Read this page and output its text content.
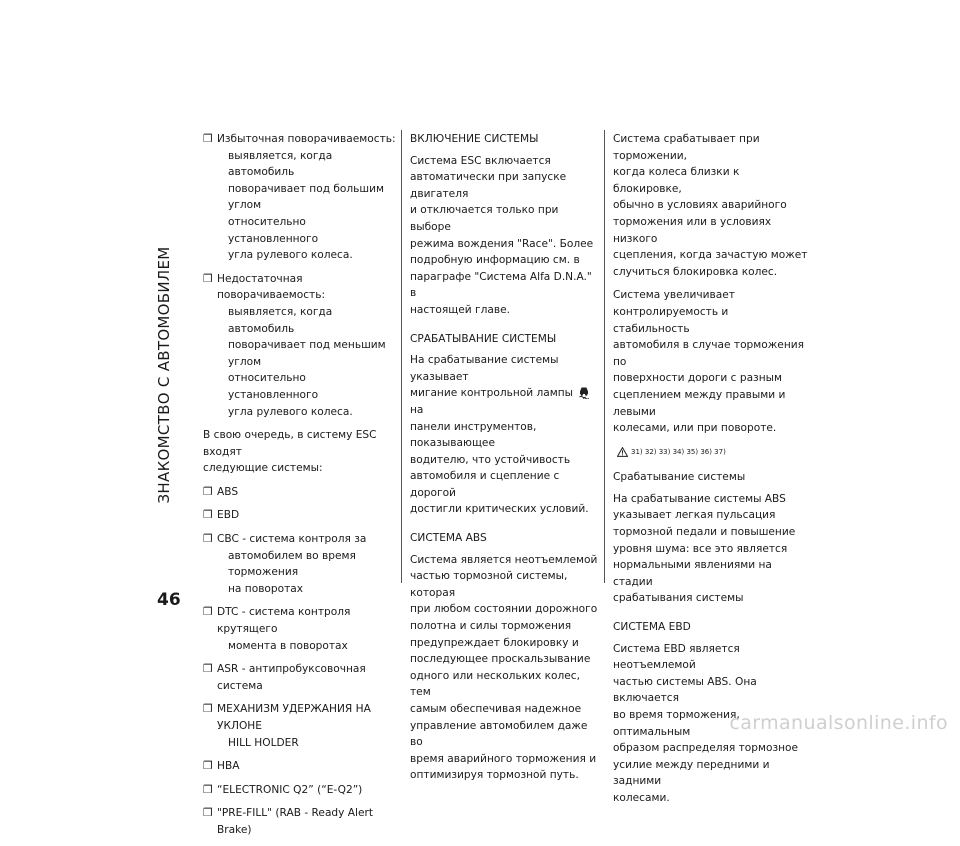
ЗНАКОМСТВО С АВТОМОБИЛЕМ
46
❒ Избыточная поворачиваемость:
выявляется, когда автомобиль
поворачивает под большим углом
относительно установленного
угла рулевого колеса.
❒ Недостаточная поворачиваемость:
выявляется, когда автомобиль
поворачивает под меньшим углом
относительно установленного
угла рулевого колеса.

В свою очередь, в систему ESC входят
следующие системы:

❒ ABS
❒ EBD
❒ CBC - система контроля за
автомобилем во время торможения
на поворотах
❒ DTC - система контроля крутящего
момента в поворотах
❒ ASR - антипробуксовочная система
❒ МЕХАНИЗМ УДЕРЖАНИЯ НА УКЛОНЕ
HILL HOLDER
❒ HBA
❒ “ELECTRONIC Q2” (“E-Q2”)
❒ "PRE-FILL" (RAB - Ready Alert Brake)

ВКЛЮЧЕНИЕ СИСТЕМЫ

Система ESC включается
автоматически при запуске двигателя
и отключается только при выборе
режима вождения "Race". Более
подробную информацию см. в
параграфе "Система Alfa D.N.A." в
настоящей главе.

СРАБАТЫВАНИЕ СИСТЕМЫ

На срабатывание системы указывает
мигание контрольной лампы
на
панели инструментов, показывающее
водителю, что устойчивость
автомобиля и сцепление с дорогой
достигли критических условий.

СИСТЕМА ABS

Система является неотъемлемой
частью тормозной системы, которая
при любом состоянии дорожного
полотна и силы торможения
предупреждает блокировку и
последующее проскальзывание
одного или нескольких колес, тем
самым обеспечивая надежное
управление автомобилем даже во
время аварийного торможения и
оптимизируя тормозной путь.

Система срабатывает при торможении,
когда колеса близки к блокировке,
обычно в условиях аварийного
торможения или в условиях низкого
сцепления, когда зачастую может
случиться блокировка колес.

Система увеличивает
контролируемость и стабильность
автомобиля в случае торможения по
поверхности дороги с разным
сцеплением между правыми и левыми
колесами, или при повороте.

31) 32) 33) 34) 35) 36) 37)

Срабатывание системы

На срабатывание системы ABS
указывает легкая пульсация
тормозной педали и повышение
уровня шума: все это является
нормальными явлениями на стадии
срабатывания системы

СИСТЕМА EBD

Система EBD является неотъемлемой
частью системы ABS. Она включается
во время торможения, оптимальным
образом распределяя тормозное
усилие между передними и задними
колесами.

carmanualsonline.info
